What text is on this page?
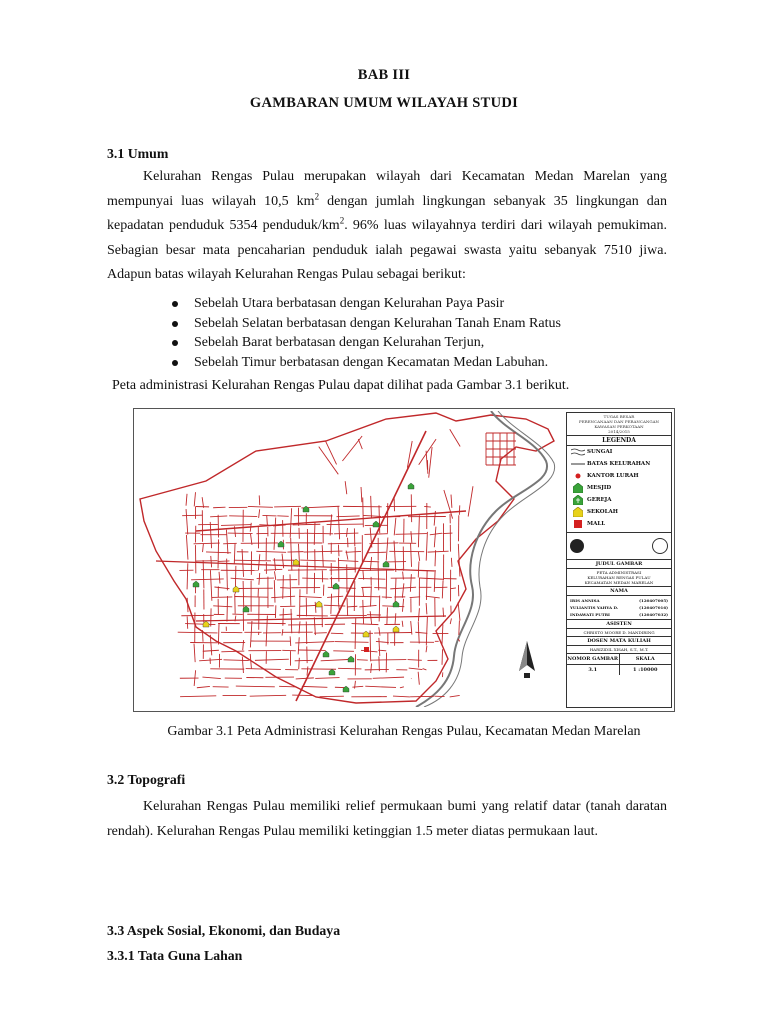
BAB III
GAMBARAN UMUM WILAYAH STUDI
3.1 Umum
Kelurahan Rengas Pulau merupakan wilayah dari Kecamatan Medan Marelan yang mempunyai luas wilayah 10,5 $km^2$ dengan jumlah lingkungan sebanyak 35 lingkungan dan kepadatan penduduk 5354 penduduk/$km^2$. 96% luas wilayahnya terdiri dari wilayah pemukiman. Sebagian besar mata pencaharian penduduk ialah pegawai swasta yaitu sebanyak 7510 jiwa. Adapun batas wilayah Kelurahan Rengas Pulau sebagai berikut:
Sebelah Utara berbatasan dengan Kelurahan Paya Pasir
Sebelah Selatan berbatasan dengan Kelurahan Tanah Enam Ratus
Sebelah Barat berbatasan dengan Kelurahan Terjun,
Sebelah Timur berbatasan dengan Kecamatan Medan Labuhan.
Peta administrasi Kelurahan Rengas Pulau dapat dilihat pada Gambar 3.1 berikut.
TUGAS BESAR
PERENCANAAN DAN PERANCANGAN
KAWASAN PERKOTAAN
2014/2015
LEGENDA
SUNGAI
BATAS KELURAHAN
KANTOR LURAH
MESJID
GEREJA
SEKOLAH
MALL
JUDUL GAMBAR
PETA ADMINISTRASI
KELURAHAN RENGAS PULAU
KECAMATAN MEDAN MARELAN
NAMA
IRIS ANNISA	(120407005)
YULIANTIS YAHYA D.	(120407016)
INDAWATI PUTRI	(120407032)
ASISTEN
CHRISTO MOORE D. MANDIRING
DOSEN MATA KULIAH
HARIZIDIL XISAH, S.T., M.T.
NOMOR GAMBAR	SKALA
3.1	1 :10000
Gambar 3.1 Peta Administrasi Kelurahan Rengas Pulau, Kecamatan Medan Marelan
3.2 Topografi
Kelurahan Rengas Pulau memiliki relief permukaan bumi yang relatif datar (tanah daratan rendah). Kelurahan Rengas Pulau memiliki ketinggian 1.5 meter diatas permukaan laut.
3.3 Aspek Sosial, Ekonomi, dan Budaya
3.3.1 Tata Guna Lahan
